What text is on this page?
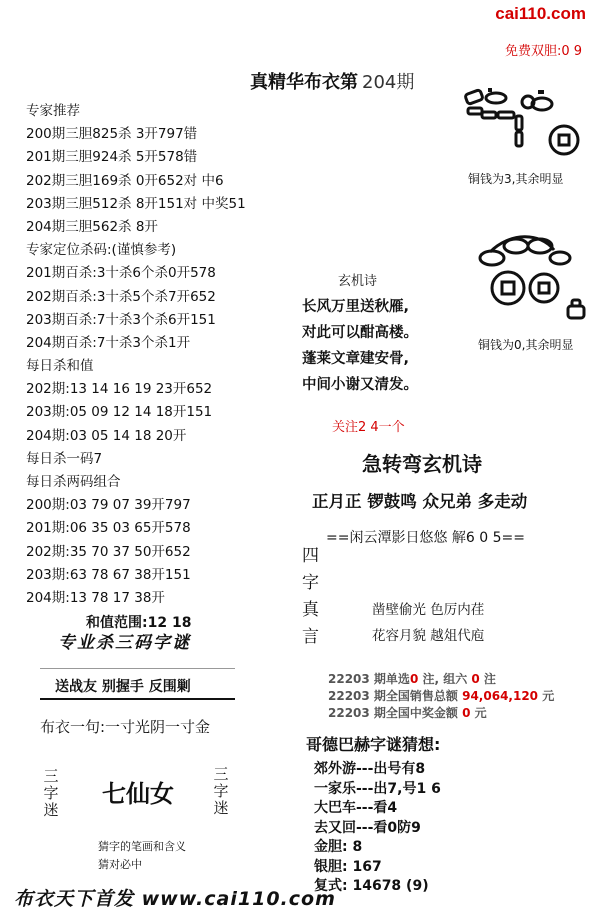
cai110.com
免费双胆:0 9
真精华布衣第 204期
铜钱为3,其余明显
铜钱为0,其余明显
专家推荐
200期三胆825杀 3开797错
201期三胆924杀 5开578错
202期三胆169杀 0开652对 中6
203期三胆512杀 8开151对 中奖51
204期三胆562杀 8开
专家定位杀码:(谨慎参考)
201期百杀:3十杀6个杀0开578
202期百杀:3十杀5个杀7开652
203期百杀:7十杀3个杀6开151
204期百杀:7十杀3个杀1开
每日杀和值
202期:13 14 16 19 23开652
203期:05 09 12 14 18开151
204期:03 05 14 18 20开
每日杀一码7
每日杀两码组合
200期:03 79 07 39开797
201期:06 35 03 65开578
202期:35 70 37 50开652
203期:63 78 67 38开151
204期:13 78 17 38开
和值范围:12 18
专业杀三码字谜
送战友 别握手 反围剿
布衣一句:一寸光阴一寸金
三
字
迷
七仙女
三
字
迷
猜字的笔画和含义
猜对必中
玄机诗
长风万里送秋雁,
对此可以酣高楼。
蓬莱文章建安骨,
中间小谢又清发。
关注2 4一个
急转弯玄机诗
正月正 锣鼓鸣 众兄弟 多走动
==闲云潭影日悠悠 解6 0 5==
四
字
真
言
凿壁偷光 色厉内荏
花容月貌 越俎代庖
22203 期单选0 注, 组六 0 注
22203 期全国销售总额 94,064,120 元
22203 期全国中奖金额 0 元
哥德巴赫字谜猜想:
郊外游---出号有8
一家乐---出7,号1 6
大巴车---看4
去又回---看0防9
金胆: 8
银胆: 167
复式: 14678 (9)
布衣天下首发 www.cai110.com
